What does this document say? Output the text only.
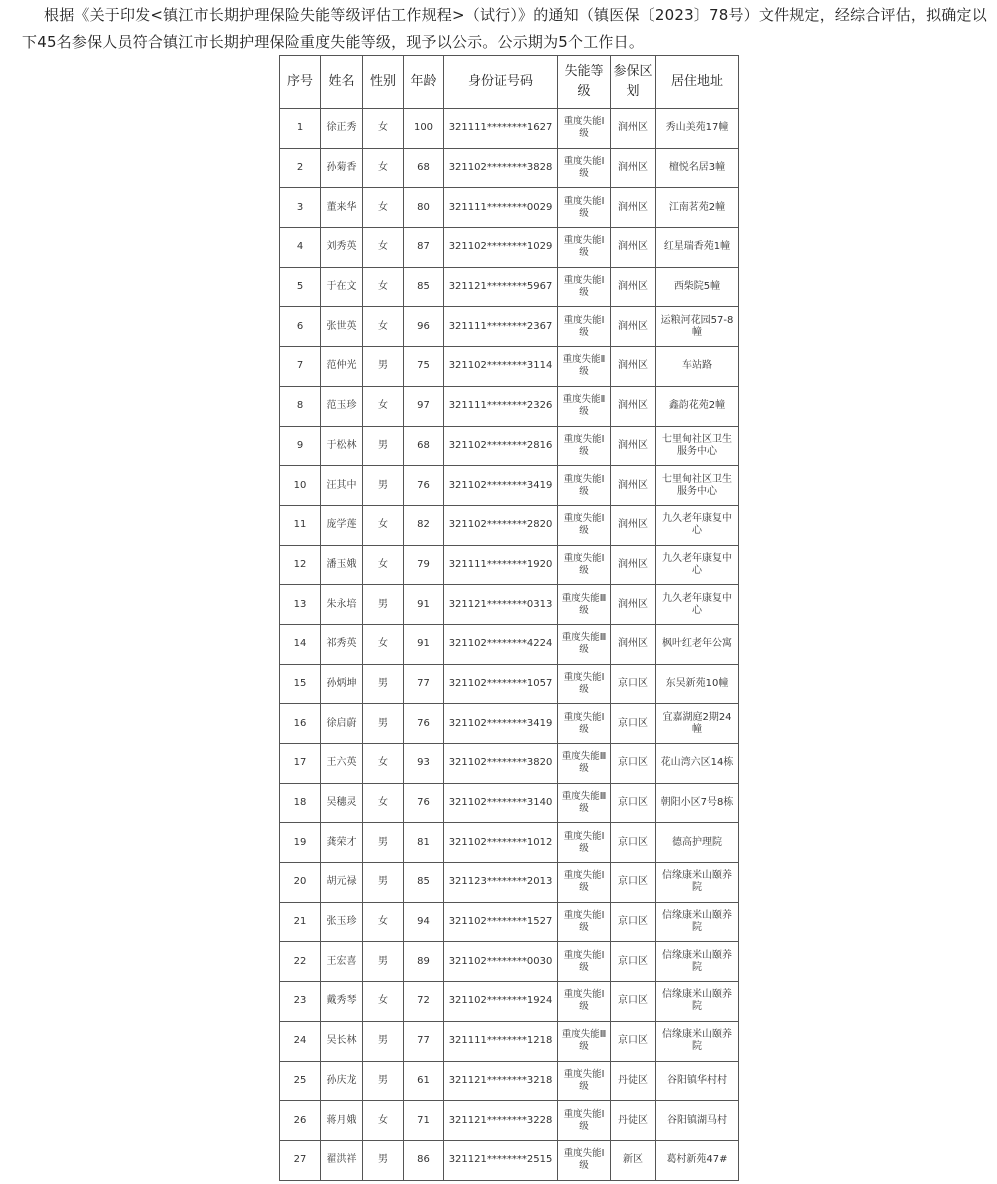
根据《关于印发<镇江市长期护理保险失能等级评估工作规程>（试行）》的通知（镇医保〔2023〕78号）文件规定，经综合评估，拟确定以下45名参保人员符合镇江市长期护理保险重度失能等级，现予以公示。公示期为5个工作日。

序号	姓名	性别	年龄	身份证号码	失能等级	参保区划	居住地址
1	徐正秀	女	100	321111********1627	重度失能Ⅰ级	润州区	秀山美苑17幢
2	孙菊香	女	68	321102********3828	重度失能Ⅰ级	润州区	檀悦名居3幢
3	董来华	女	80	321111********0029	重度失能Ⅰ级	润州区	江南茗苑2幢
4	刘秀英	女	87	321102********1029	重度失能Ⅰ级	润州区	红星瑞香苑1幢
5	于在文	女	85	321121********5967	重度失能Ⅰ级	润州区	西柴院5幢
6	张世英	女	96	321111********2367	重度失能Ⅰ级	润州区	运粮河花园57-8幢
7	范仲光	男	75	321102********3114	重度失能Ⅱ级	润州区	车站路
8	范玉珍	女	97	321111********2326	重度失能Ⅱ级	润州区	鑫韵花苑2幢
9	于松林	男	68	321102********2816	重度失能Ⅰ级	润州区	七里甸社区卫生服务中心
10	汪其中	男	76	321102********3419	重度失能Ⅰ级	润州区	七里甸社区卫生服务中心
11	庞学莲	女	82	321102********2820	重度失能Ⅰ级	润州区	九久老年康复中心
12	潘玉娥	女	79	321111********1920	重度失能Ⅰ级	润州区	九久老年康复中心
13	朱永培	男	91	321121********0313	重度失能Ⅲ级	润州区	九久老年康复中心
14	祁秀英	女	91	321102********4224	重度失能Ⅲ级	润州区	枫叶红老年公寓
15	孙炳坤	男	77	321102********1057	重度失能Ⅰ级	京口区	东吴新苑10幢
16	徐启蔚	男	76	321102********3419	重度失能Ⅰ级	京口区	宜嘉湖庭2期24幢
17	王六英	女	93	321102********3820	重度失能Ⅲ级	京口区	花山湾六区14栋
18	吴穗灵	女	76	321102********3140	重度失能Ⅲ级	京口区	朝阳小区7号8栋
19	龚荣才	男	81	321102********1012	重度失能Ⅰ级	京口区	德高护理院
20	胡元禄	男	85	321123********2013	重度失能Ⅰ级	京口区	信缘康米山颐养院
21	张玉珍	女	94	321102********1527	重度失能Ⅰ级	京口区	信缘康米山颐养院
22	王宏喜	男	89	321102********0030	重度失能Ⅰ级	京口区	信缘康米山颐养院
23	戴秀琴	女	72	321102********1924	重度失能Ⅰ级	京口区	信缘康米山颐养院
24	吴长林	男	77	321111********1218	重度失能Ⅲ级	京口区	信缘康米山颐养院
25	孙庆龙	男	61	321121********3218	重度失能Ⅰ级	丹徒区	谷阳镇华村村
26	蒋月娥	女	71	321121********3228	重度失能Ⅰ级	丹徒区	谷阳镇湖马村
27	翟洪祥	男	86	321121********2515	重度失能Ⅰ级	新区	葛村新苑47#
